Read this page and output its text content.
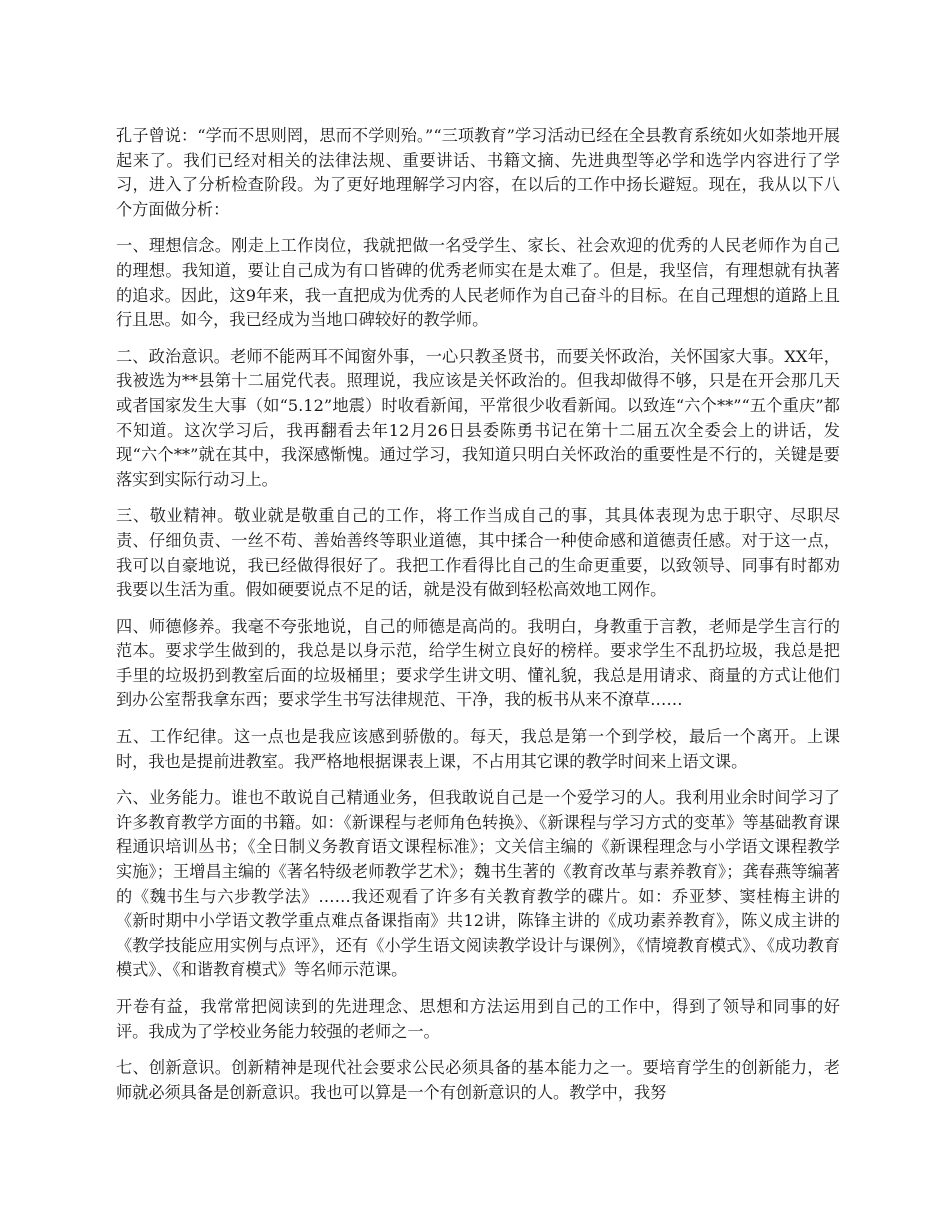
孔子曾说：“学而不思则罔，思而不学则殆。”“三项教育”学习活动已经在全县教育系统如火如荼地开展起来了。我们已经对相关的法律法规、重要讲话、书籍文摘、先进典型等必学和选学内容进行了学习，进入了分析检查阶段。为了更好地理解学习内容，在以后的工作中扬长避短。现在，我从以下八个方面做分析：

一、理想信念。刚走上工作岗位，我就把做一名受学生、家长、社会欢迎的优秀的人民老师作为自己的理想。我知道，要让自己成为有口皆碑的优秀老师实在是太难了。但是，我坚信，有理想就有执著的追求。因此，这9年来，我一直把成为优秀的人民老师作为自己奋斗的目标。在自己理想的道路上且行且思。如今，我已经成为当地口碑较好的教学师。

二、政治意识。老师不能两耳不闻窗外事，一心只教圣贤书，而要关怀政治，关怀国家大事。XX年，我被选为**县第十二届党代表。照理说，我应该是关怀政治的。但我却做得不够，只是在开会那几天或者国家发生大事（如“5.12”地震）时收看新闻，平常很少收看新闻。以致连“六个**”“五个重庆”都不知道。这次学习后，我再翻看去年12月26日县委陈勇书记在第十二届五次全委会上的讲话，发现“六个**”就在其中，我深感惭愧。通过学习，我知道只明白关怀政治的重要性是不行的，关键是要落实到实际行动习上。

三、敬业精神。敬业就是敬重自己的工作，将工作当成自己的事，其具体表现为忠于职守、尽职尽责、仔细负责、一丝不苟、善始善终等职业道德，其中揉合一种使命感和道德责任感。对于这一点，我可以自豪地说，我已经做得很好了。我把工作看得比自己的生命更重要，以致领导、同事有时都劝我要以生活为重。假如硬要说点不足的话，就是没有做到轻松高效地工网作。

四、师德修养。我毫不夸张地说，自己的师德是高尚的。我明白，身教重于言教，老师是学生言行的范本。要求学生做到的，我总是以身示范，给学生树立良好的榜样。要求学生不乱扔垃圾，我总是把手里的垃圾扔到教室后面的垃圾桶里；要求学生讲文明、懂礼貌，我总是用请求、商量的方式让他们到办公室帮我拿东西；要求学生书写法律规范、干净，我的板书从来不潦草……

五、工作纪律。这一点也是我应该感到骄傲的。每天，我总是第一个到学校，最后一个离开。上课时，我也是提前进教室。我严格地根据课表上课，不占用其它课的教学时间来上语文课。

六、业务能力。谁也不敢说自己精通业务，但我敢说自己是一个爱学习的人。我利用业余时间学习了许多教育教学方面的书籍。如：《新课程与老师角色转换》、《新课程与学习方式的变革》等基础教育课程通识培训丛书；《全日制义务教育语文课程标准》；文关信主编的《新课程理念与小学语文课程教学实施》；王增昌主编的《著名特级老师教学艺术》；魏书生著的《教育改革与素养教育》；龚春燕等编著的《魏书生与六步教学法》……我还观看了许多有关教育教学的碟片。如：乔亚梦、窦桂梅主讲的《新时期中小学语文教学重点难点备课指南》共12讲，陈锋主讲的《成功素养教育》，陈义成主讲的《教学技能应用实例与点评》，还有《小学生语文阅读教学设计与课例》，《情境教育模式》、《成功教育模式》、《和谐教育模式》等名师示范课。

开卷有益，我常常把阅读到的先进理念、思想和方法运用到自己的工作中，得到了领导和同事的好评。我成为了学校业务能力较强的老师之一。

七、创新意识。创新精神是现代社会要求公民必须具备的基本能力之一。要培育学生的创新能力，老师就必须具备是创新意识。我也可以算是一个有创新意识的人。教学中，我努
